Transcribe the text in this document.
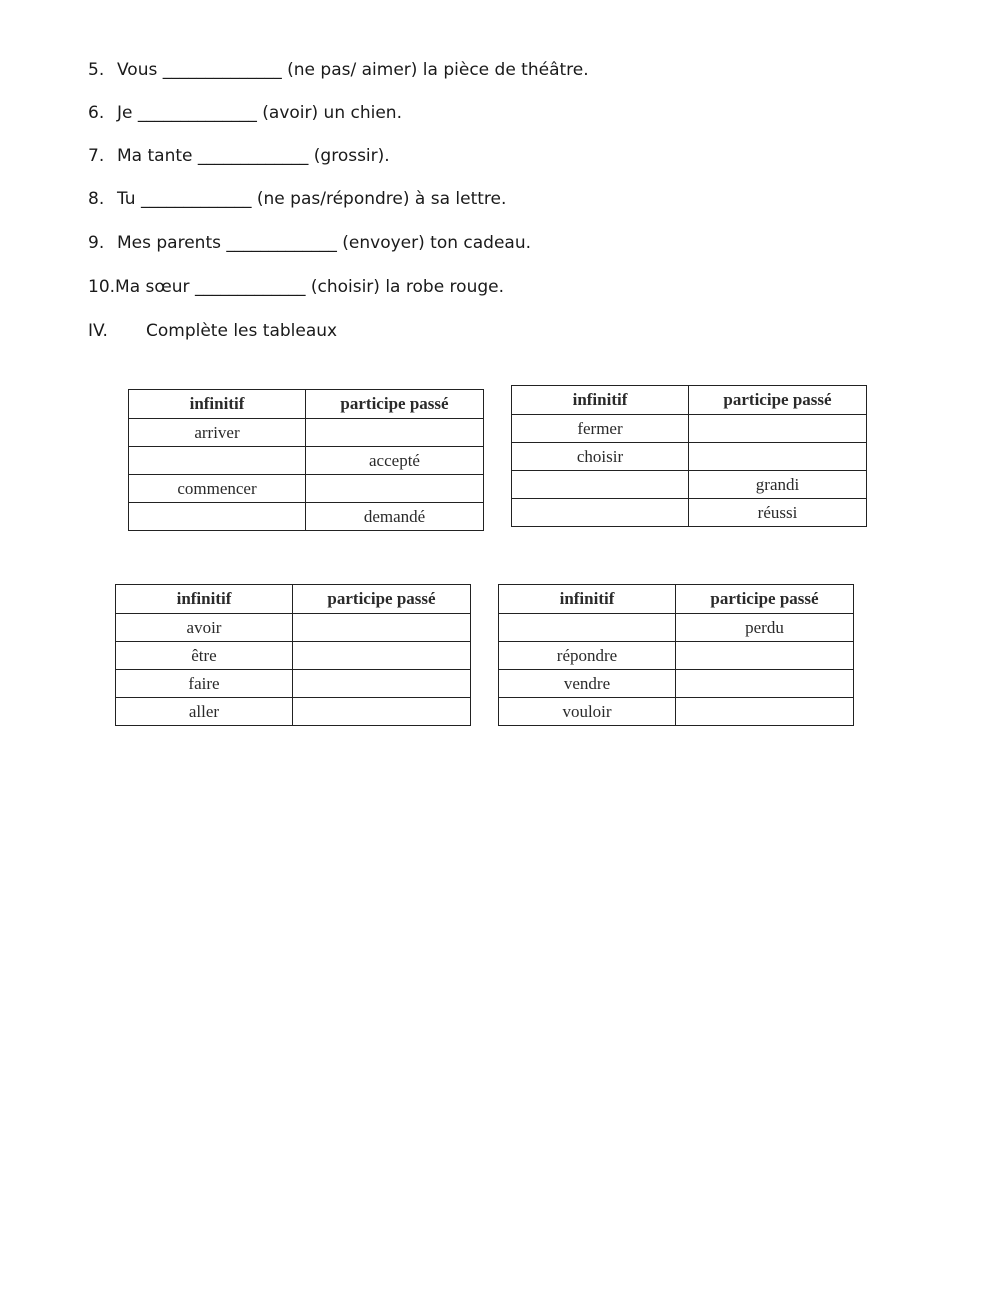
5. Vous ______________ (ne pas/ aimer) la pièce de théâtre.
6. Je ______________ (avoir) un chien.
7. Ma tante _____________ (grossir).
8. Tu _____________ (ne pas/répondre) à sa lettre.
9. Mes parents _____________ (envoyer) ton cadeau.
10.Ma sœur _____________ (choisir) la robe rouge.
IV. Complète les tableaux
infinitif	participe passé
arriver	
	accepté
commencer	
	demandé
infinitif	participe passé
fermer	
choisir	
	grandi
	réussi
infinitif	participe passé
avoir	
être	
faire	
aller	
infinitif	participe passé
	perdu
répondre	
vendre	
vouloir	
